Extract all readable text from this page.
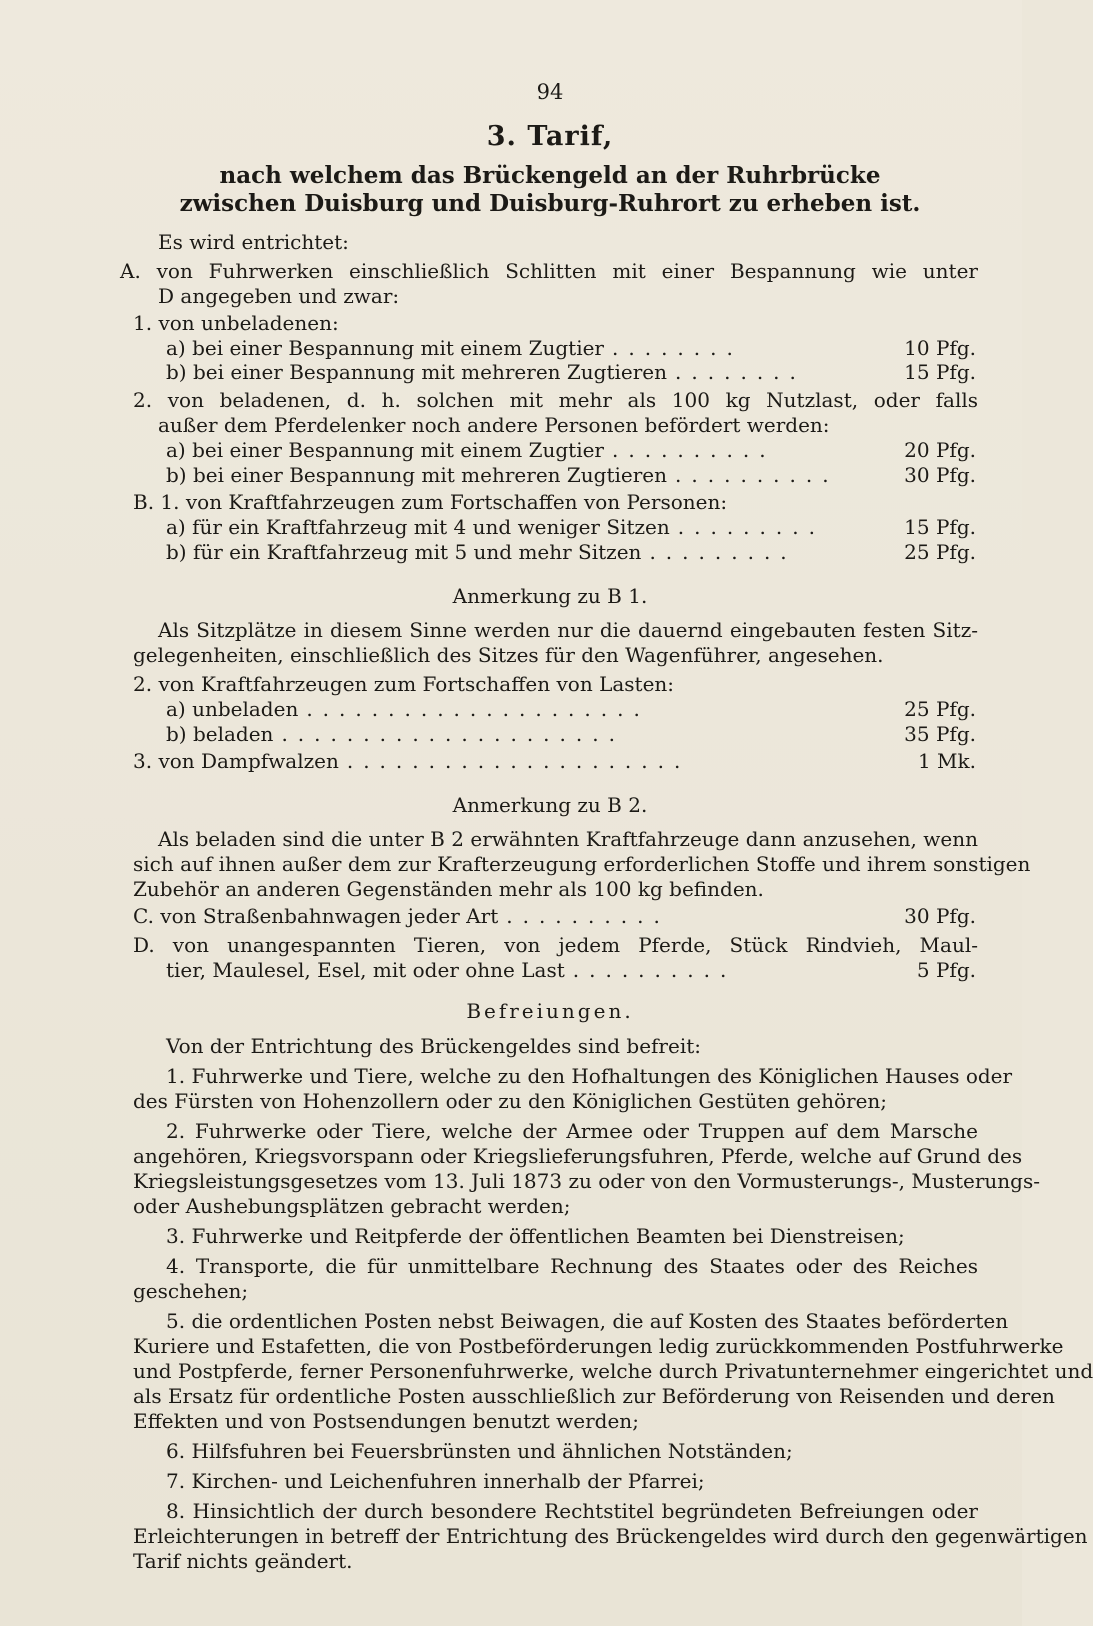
94
3. Tarif,
nach welchem das Brückengeld an der Ruhrbrücke
zwischen Duisburg und Duisburg-Ruhrort zu erheben ist.
Es wird entrichtet:
A. von Fuhrwerken einschließlich Schlitten mit einer Bespannung wie unter
D angegeben und zwar:
1. von unbeladenen:
a) bei einer Bespannung mit einem Zugtier ........	10 Pfg.
b) bei einer Bespannung mit mehreren Zugtieren ........	15 Pfg.
2. von beladenen, d. h. solchen mit mehr als 100 kg Nutzlast, oder falls
außer dem Pferdelenker noch andere Personen befördert werden:
a) bei einer Bespannung mit einem Zugtier ..........	20 Pfg.
b) bei einer Bespannung mit mehreren Zugtieren ..........	30 Pfg.
B. 1. von Kraftfahrzeugen zum Fortschaffen von Personen:
a) für ein Kraftfahrzeug mit 4 und weniger Sitzen .........	15 Pfg.
b) für ein Kraftfahrzeug mit 5 und mehr Sitzen .........	25 Pfg.
Anmerkung zu B 1.
Als Sitzplätze in diesem Sinne werden nur die dauernd eingebauten festen Sitz-
gelegenheiten, einschließlich des Sitzes für den Wagenführer, angesehen.
2. von Kraftfahrzeugen zum Fortschaffen von Lasten:
a) unbeladen .....................	25 Pfg.
b) beladen .....................	35 Pfg.
3. von Dampfwalzen .....................	1 Mk.
Anmerkung zu B 2.
Als beladen sind die unter B 2 erwähnten Kraftfahrzeuge dann anzusehen, wenn
sich auf ihnen außer dem zur Krafterzeugung erforderlichen Stoffe und ihrem sonstigen
Zubehör an anderen Gegenständen mehr als 100 kg befinden.
C. von Straßenbahnwagen jeder Art ..........	30 Pfg.
D. von unangespannten Tieren, von jedem Pferde, Stück Rindvieh, Maul-
tier, Maulesel, Esel, mit oder ohne Last ..........	5 Pfg.
Befreiungen.
Von der Entrichtung des Brückengeldes sind befreit:
1. Fuhrwerke und Tiere, welche zu den Hofhaltungen des Königlichen Hauses oder
des Fürsten von Hohenzollern oder zu den Königlichen Gestüten gehören;
2. Fuhrwerke oder Tiere, welche der Armee oder Truppen auf dem Marsche
angehören, Kriegsvorspann oder Kriegslieferungsfuhren, Pferde, welche auf Grund des
Kriegsleistungsgesetzes vom 13. Juli 1873 zu oder von den Vormusterungs-, Musterungs-
oder Aushebungsplätzen gebracht werden;
3. Fuhrwerke und Reitpferde der öffentlichen Beamten bei Dienstreisen;
4. Transporte, die für unmittelbare Rechnung des Staates oder des Reiches
geschehen;
5. die ordentlichen Posten nebst Beiwagen, die auf Kosten des Staates beförderten
Kuriere und Estafetten, die von Postbeförderungen ledig zurückkommenden Postfuhrwerke
und Postpferde, ferner Personenfuhrwerke, welche durch Privatunternehmer eingerichtet und
als Ersatz für ordentliche Posten ausschließlich zur Beförderung von Reisenden und deren
Effekten und von Postsendungen benutzt werden;
6. Hilfsfuhren bei Feuersbrünsten und ähnlichen Notständen;
7. Kirchen- und Leichenfuhren innerhalb der Pfarrei;
8. Hinsichtlich der durch besondere Rechtstitel begründeten Befreiungen oder
Erleichterungen in betreff der Entrichtung des Brückengeldes wird durch den gegenwärtigen
Tarif nichts geändert.
